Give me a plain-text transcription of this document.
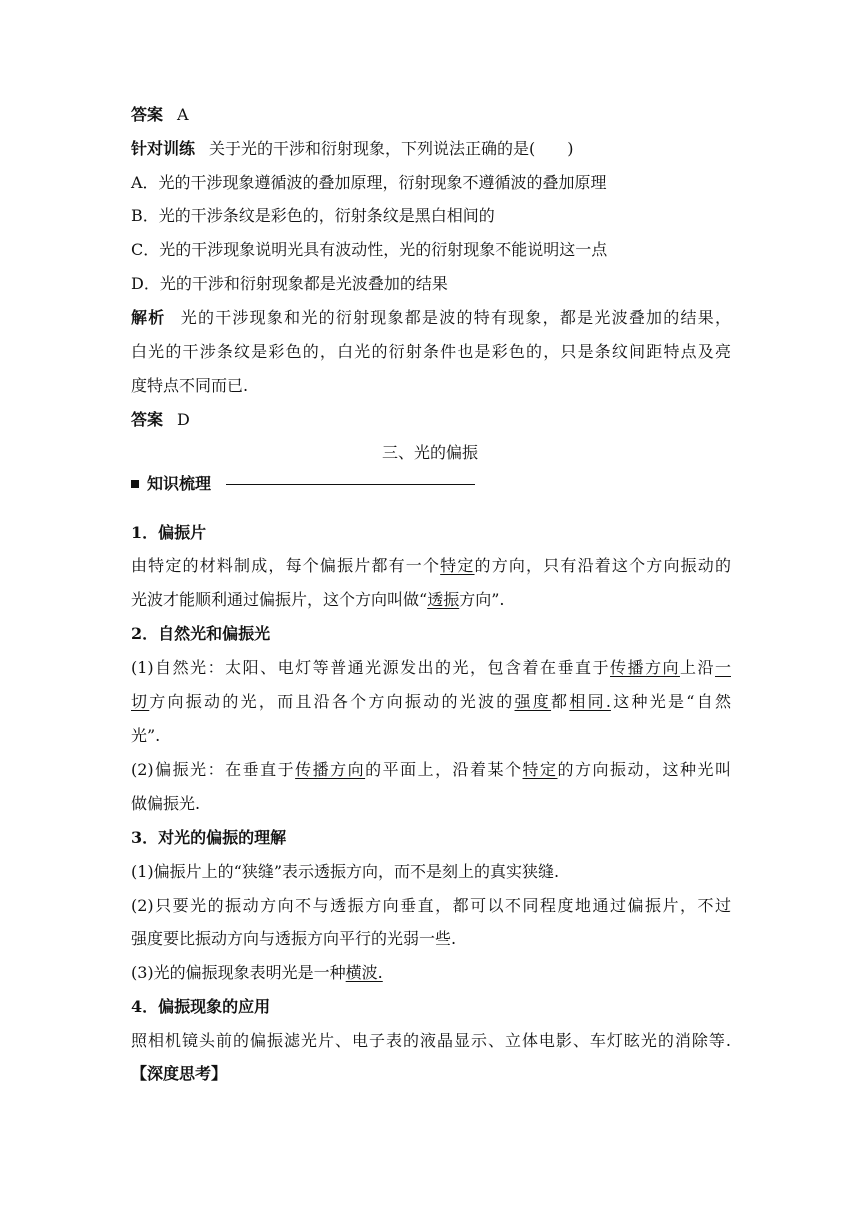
答案 A
针对训练 关于光的干涉和衍射现象，下列说法正确的是( )
A．光的干涉现象遵循波的叠加原理，衍射现象不遵循波的叠加原理
B．光的干涉条纹是彩色的，衍射条纹是黑白相间的
C．光的干涉现象说明光具有波动性，光的衍射现象不能说明这一点
D．光的干涉和衍射现象都是光波叠加的结果
解析 光的干涉现象和光的衍射现象都是波的特有现象，都是光波叠加的结果，
白光的干涉条纹是彩色的，白光的衍射条件也是彩色的，只是条纹间距特点及亮
度特点不同而已.
答案 D
三、光的偏振
知识梳理
1．偏振片
由特定的材料制成，每个偏振片都有一个特定的方向，只有沿着这个方向振动的
光波才能顺利通过偏振片，这个方向叫做“透振方向”.
2．自然光和偏振光
(1)自然光：太阳、电灯等普通光源发出的光，包含着在垂直于传播方向上沿一
切方向振动的光，而且沿各个方向振动的光波的强度都相同.这种光是“自然
光”.
(2)偏振光：在垂直于传播方向的平面上，沿着某个特定的方向振动，这种光叫
做偏振光.
3．对光的偏振的理解
(1)偏振片上的“狭缝”表示透振方向，而不是刻上的真实狭缝.
(2)只要光的振动方向不与透振方向垂直，都可以不同程度地通过偏振片，不过
强度要比振动方向与透振方向平行的光弱一些.
(3)光的偏振现象表明光是一种横波.
4．偏振现象的应用
照相机镜头前的偏振滤光片、电子表的液晶显示、立体电影、车灯眩光的消除等.
【深度思考】
